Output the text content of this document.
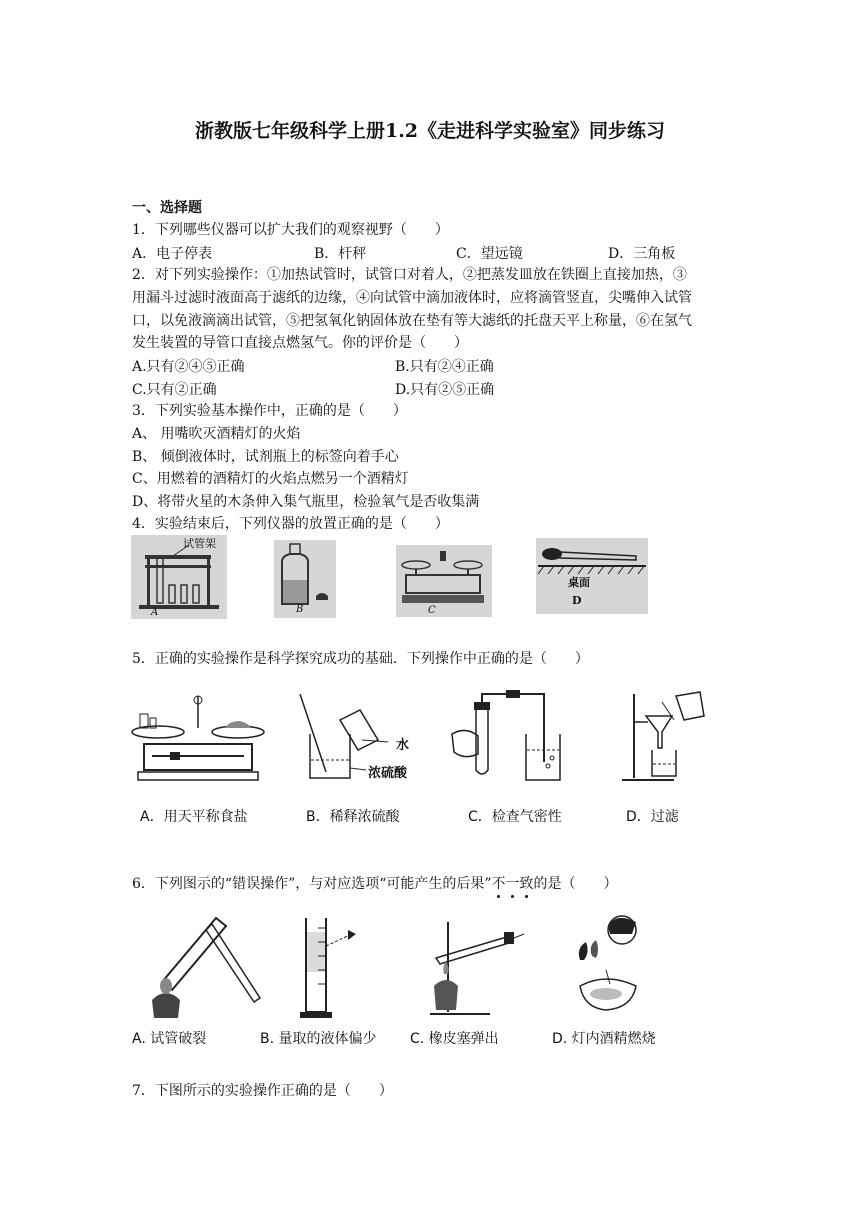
浙教版七年级科学上册1.2《走进科学实验室》同步练习
一、选择题
1．下列哪些仪器可以扩大我们的观察视野（　　）
A．电子停表	B．杆秤	C．望远镜	D．三角板
2．对下列实验操作：①加热试管时，试管口对着人，②把蒸发皿放在铁圈上直接加热，③
用漏斗过滤时液面高于滤纸的边缘，④向试管中滴加液体时，应将滴管竖直，尖嘴伸入试管
口，以免液滴滴出试管，⑤把氢氧化钠固体放在垫有等大滤纸的托盘天平上称量，⑥在氢气
发生装置的导管口直接点燃氢气。你的评价是（　　）
A.只有②④⑤正确	B.只有②④正确
C.只有②正确	D.只有②⑤正确
3．下列实验基本操作中，正确的是（　　）
A、 用嘴吹灭酒精灯的火焰
B、 倾倒液体时，试剂瓶上的标签向着手心
C、用燃着的酒精灯的火焰点燃另一个酒精灯
D、将带火星的木条伸入集气瓶里，检验氧气是否收集满
4．实验结束后，下列仪器的放置正确的是（　　）
试管架
A	B	C
桌面
D
5．正确的实验操作是科学探究成功的基础．下列操作中正确的是（　　）
水
浓硫酸
A．用天平称食盐	B．稀释浓硫酸	C．检查气密性	D．过滤
6．下列图示的“错误操作”，与对应选项“可能产生的后果”不一致
的是（　　）
A. 试管破裂	B. 量取的液体偏少 C. 橡皮塞弹出	D. 灯内酒精燃烧
7．下图所示的实验操作正确的是（　　）
